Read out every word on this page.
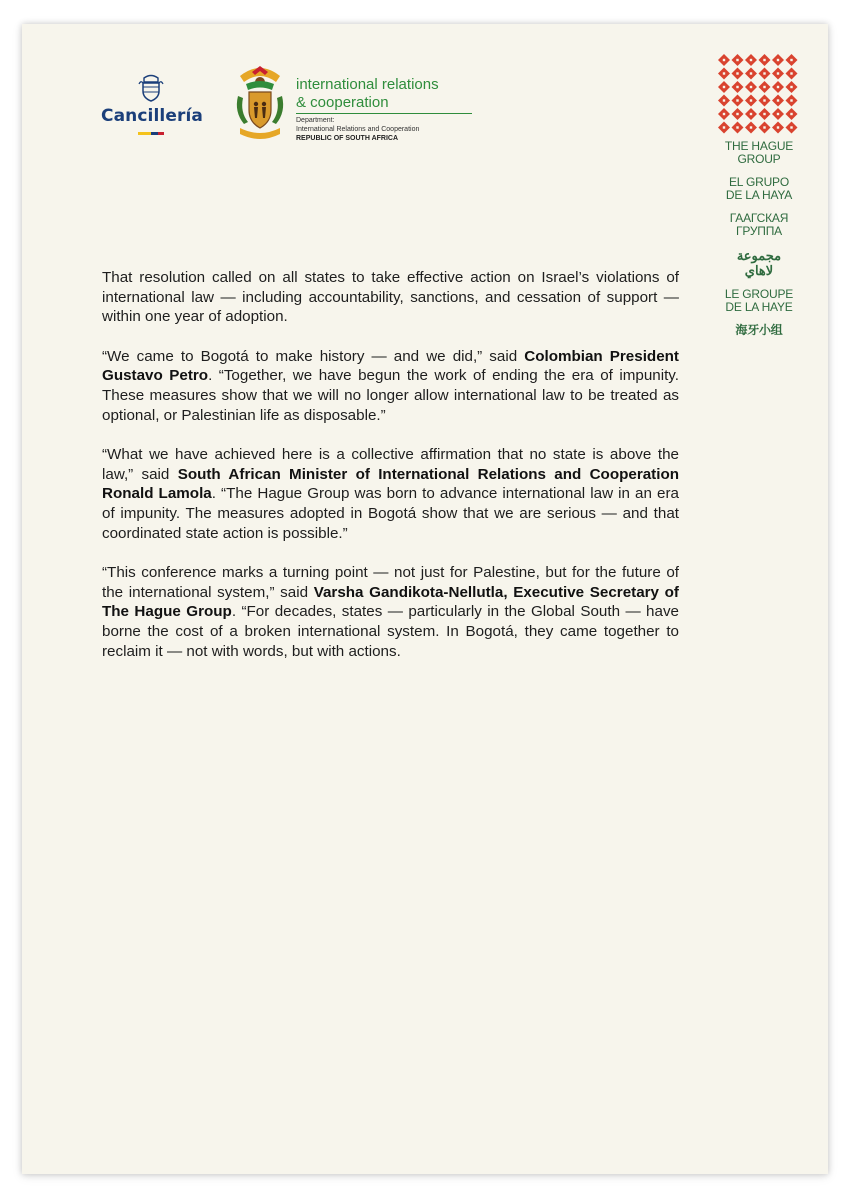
Cancillería
international relations
& cooperation
Department:
International Relations and Cooperation
REPUBLIC OF SOUTH AFRICA
THE HAGUE
GROUP
EL GRUPO
DE LA HAYA
ГААГСКАЯ
ГРУППА
مجموعة
لاهاي
LE GROUPE
DE LA HAYE
海牙小组

That resolution called on all states to take effective action on Israel’s violations of international law — including accountability, sanctions, and cessation of support — within one year of adoption.

“We came to Bogotá to make history — and we did,” said Colombian President Gustavo Petro. “Together, we have begun the work of ending the era of impunity. These measures show that we will no longer allow international law to be treated as optional, or Palestinian life as disposable.”

“What we have achieved here is a collective affirmation that no state is above the law,” said South African Minister of International Relations and Cooperation Ronald Lamola. “The Hague Group was born to advance international law in an era of impunity. The measures adopted in Bogotá show that we are serious — and that coordinated state action is possible.”

“This conference marks a turning point — not just for Palestine, but for the future of the international system,” said Varsha Gandikota-Nellutla, Executive Secretary of The Hague Group. “For decades, states — particularly in the Global South — have borne the cost of a broken international system. In Bogotá, they came together to reclaim it — not with words, but with actions.
